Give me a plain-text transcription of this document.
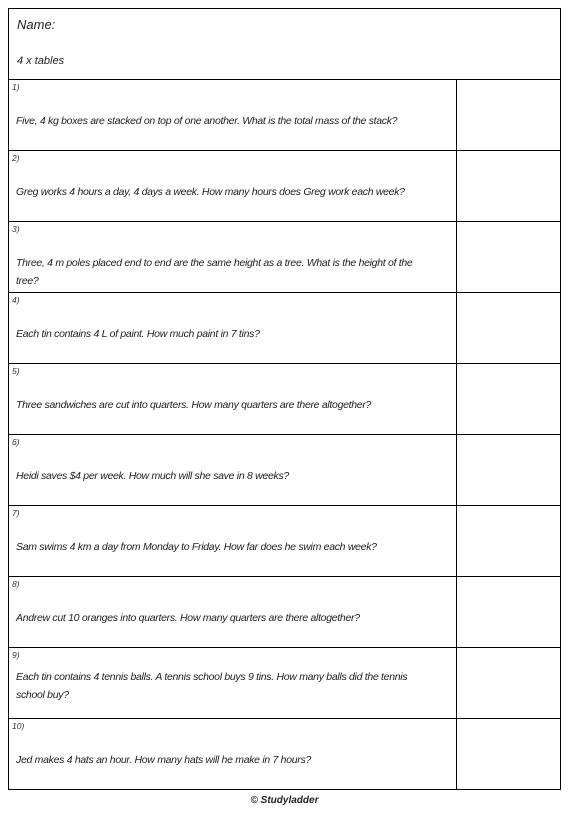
Name:
4 x tables
1)
Five, 4 kg boxes are stacked on top of one another. What is the total mass of the stack?
2)
Greg works 4 hours a day, 4 days a week. How many hours does Greg work each week?
3)
Three, 4 m poles placed end to end are the same height as a tree. What is the height of the tree?
4)
Each tin contains 4 L of paint. How much paint in 7 tins?
5)
Three sandwiches are cut into quarters. How many quarters are there altogether?
6)
Heidi saves $4 per week. How much will she save in 8 weeks?
7)
Sam swims 4 km a day from Monday to Friday. How far does he swim each week?
8)
Andrew cut 10 oranges into quarters. How many quarters are there altogether?
9)
Each tin contains 4 tennis balls. A tennis school buys 9 tins. How many balls did the tennis school buy?
10)
Jed makes 4 hats an hour. How many hats will he make in 7 hours?
© Studyladder
